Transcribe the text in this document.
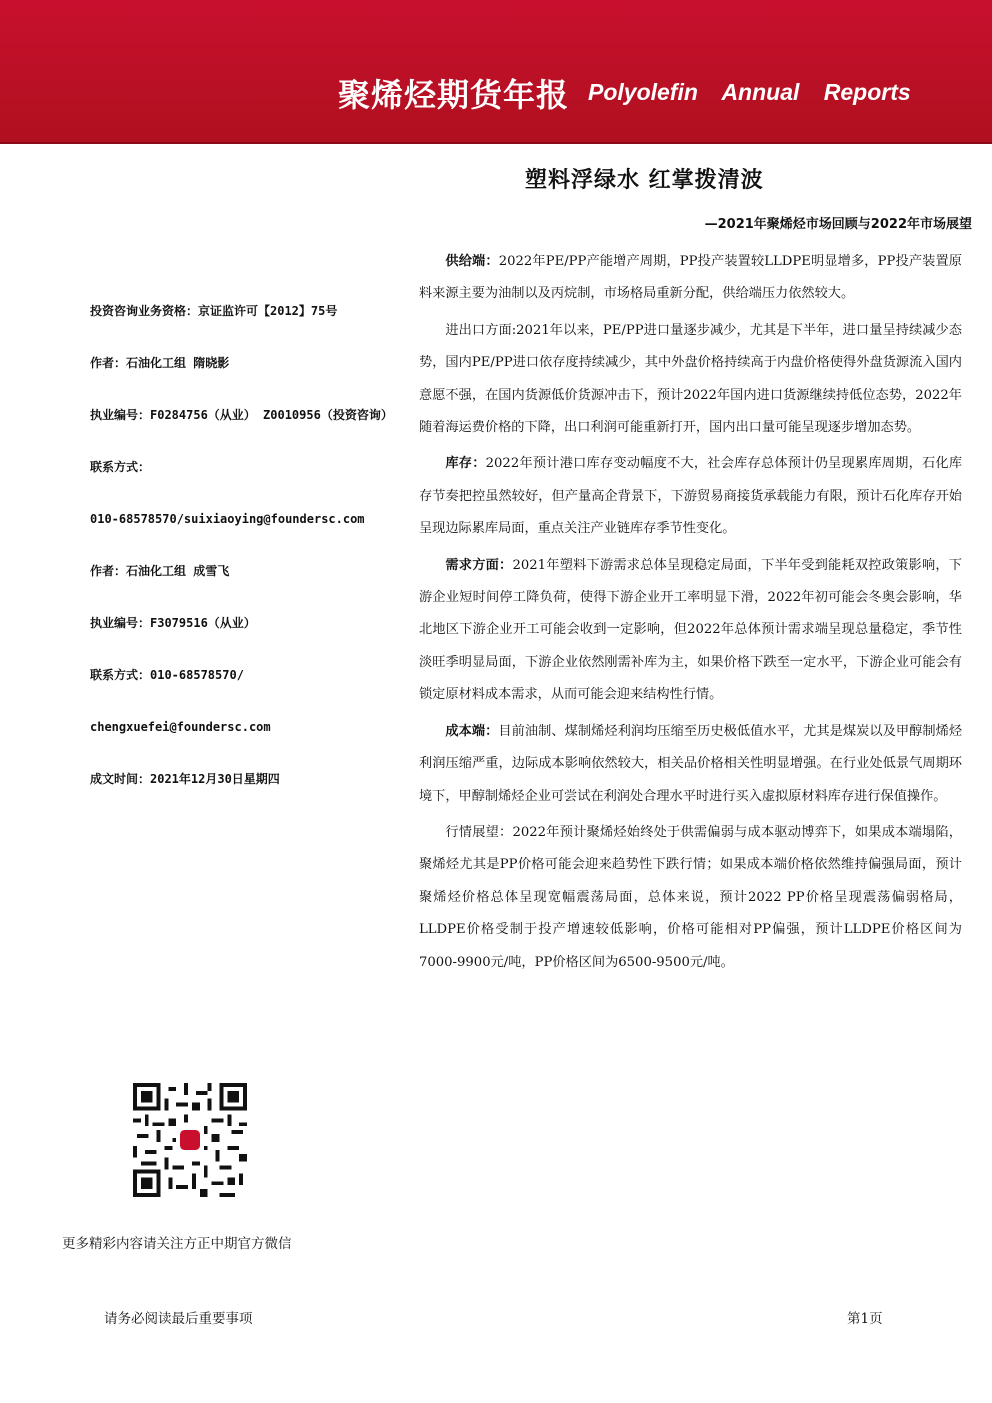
聚烯烃期货年报 Polyolefin Annual Reports
塑料浮绿水 红掌拨清波
—2021年聚烯烃市场回顾与2022年市场展望
投资咨询业务资格：京证监许可【2012】75号
作者：石油化工组 隋晓影
执业编号：F0284756（从业） Z0010956（投资咨询）
联系方式：
010-68578570/suixiaoying@foundersc.com
作者：石油化工组 成雪飞
执业编号：F3079516（从业）
联系方式：010-68578570/
chengxuefei@foundersc.com
成文时间：2021年12月30日星期四
更多精彩内容请关注方正中期官方微信

供给端：2022年PE/PP产能增产周期，PP投产装置较LLDPE明显增多，PP投产装置原料来源主要为油制以及丙烷制，市场格局重新分配，供给端压力依然较大。

进出口方面:2021年以来，PE/PP进口量逐步减少，尤其是下半年，进口量呈持续减少态势，国内PE/PP进口依存度持续减少，其中外盘价格持续高于内盘价格使得外盘货源流入国内意愿不强，在国内货源低价货源冲击下，预计2022年国内进口货源继续持低位态势，2022年随着海运费价格的下降，出口利润可能重新打开，国内出口量可能呈现逐步增加态势。

库存：2022年预计港口库存变动幅度不大，社会库存总体预计仍呈现累库周期，石化库存节奏把控虽然较好，但产量高企背景下，下游贸易商接货承载能力有限，预计石化库存开始呈现边际累库局面，重点关注产业链库存季节性变化。

需求方面：2021年塑料下游需求总体呈现稳定局面，下半年受到能耗双控政策影响，下游企业短时间停工降负荷，使得下游企业开工率明显下滑，2022年初可能会冬奥会影响，华北地区下游企业开工可能会收到一定影响，但2022年总体预计需求端呈现总量稳定，季节性淡旺季明显局面，下游企业依然刚需补库为主，如果价格下跌至一定水平，下游企业可能会有锁定原材料成本需求，从而可能会迎来结构性行情。

成本端：目前油制、煤制烯烃利润均压缩至历史极低值水平，尤其是煤炭以及甲醇制烯烃利润压缩严重，边际成本影响依然较大，相关品价格相关性明显增强。在行业处低景气周期环境下，甲醇制烯烃企业可尝试在利润处合理水平时进行买入虚拟原材料库存进行保值操作。

行情展望：2022年预计聚烯烃始终处于供需偏弱与成本驱动博弈下，如果成本端塌陷，聚烯烃尤其是PP价格可能会迎来趋势性下跌行情；如果成本端价格依然维持偏强局面，预计聚烯烃价格总体呈现宽幅震荡局面，总体来说，预计2022 PP价格呈现震荡偏弱格局，LLDPE价格受制于投产增速较低影响，价格可能相对PP偏强，预计LLDPE价格区间为7000-9900元/吨，PP价格区间为6500-9500元/吨。

请务必阅读最后重要事项	第1页
